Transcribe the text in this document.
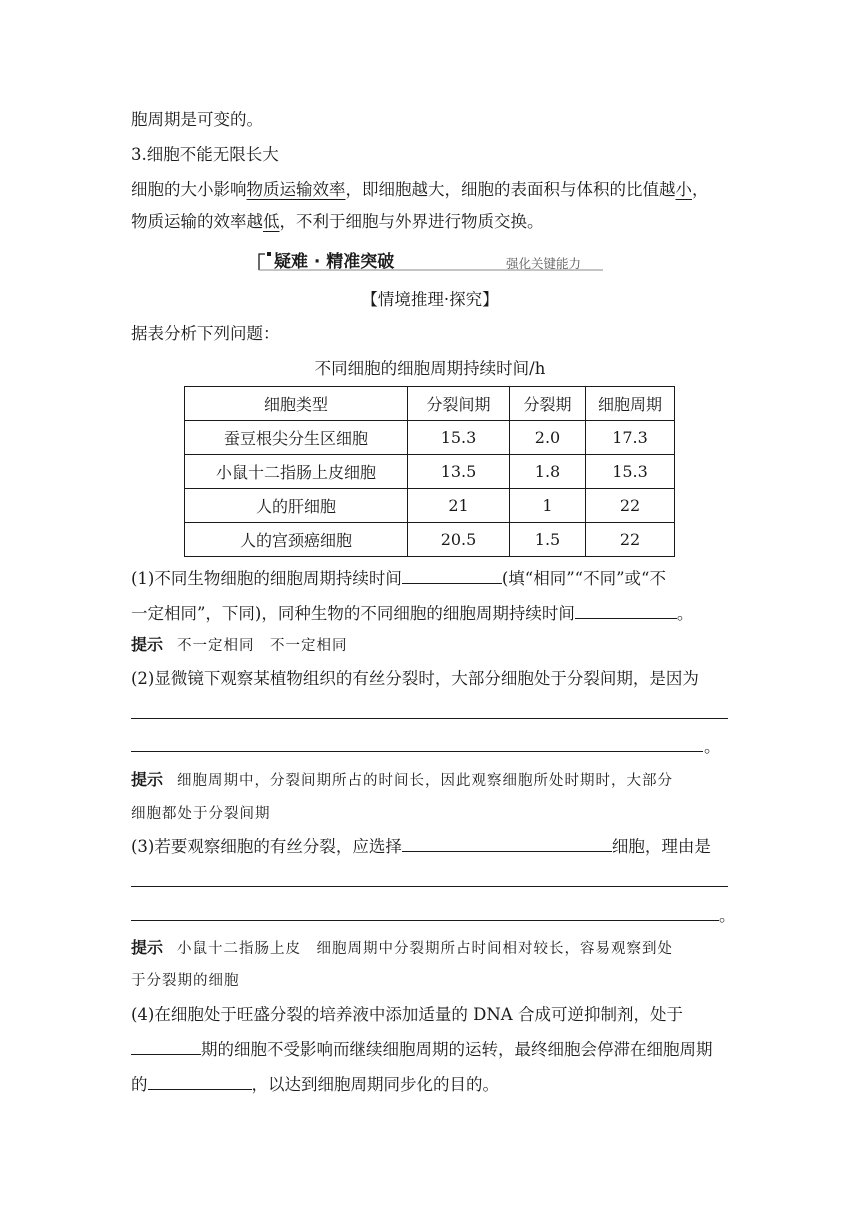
胞周期是可变的。
3.细胞不能无限长大
细胞的大小影响物质运输效率，即细胞越大，细胞的表面积与体积的比值越小，
物质运输的效率越低，不利于细胞与外界进行物质交换。
疑难 · 精准突破	强化关键能力
【情境推理·探究】
据表分析下列问题：
不同细胞的细胞周期持续时间/h
细胞类型	分裂间期	分裂期	细胞周期
蚕豆根尖分生区细胞	15.3	2.0	17.3
小鼠十二指肠上皮细胞	13.5	1.8	15.3
人的肝细胞	21	1	22
人的宫颈癌细胞	20.5	1.5	22
(1)不同生物细胞的细胞周期持续时间	(填“相同”“不同”或“不
一定相同”，下同)，同种生物的不同细胞的细胞周期持续时间	。
提示 不一定相同　不一定相同
(2)显微镜下观察某植物组织的有丝分裂时，大部分细胞处于分裂间期，是因为
。
提示 细胞周期中，分裂间期所占的时间长，因此观察细胞所处时期时，大部分
细胞都处于分裂间期
(3)若要观察细胞的有丝分裂，应选择	细胞，理由是
。
提示 小鼠十二指肠上皮　细胞周期中分裂期所占时间相对较长，容易观察到处
于分裂期的细胞
(4)在细胞处于旺盛分裂的培养液中添加适量的 DNA 合成可逆抑制剂，处于
期的细胞不受影响而继续细胞周期的运转，最终细胞会停滞在细胞周期
的	，以达到细胞周期同步化的目的。
